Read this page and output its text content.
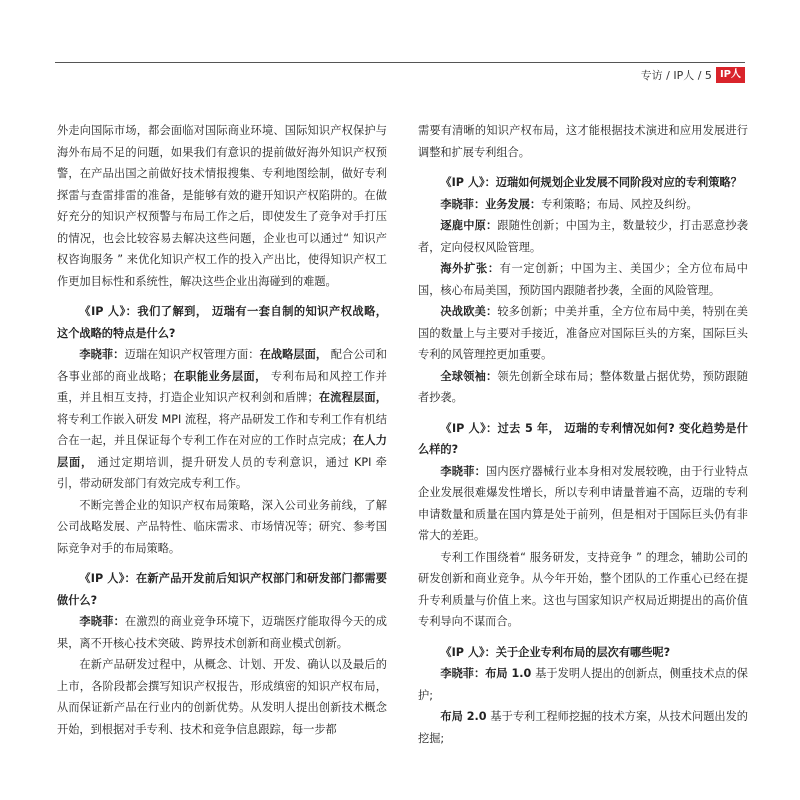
专访 / IP人 / 5 IP人

外走向国际市场，都会面临对国际商业环境、国际知识产权保护与海外布局不足的问题，如果我们有意识的提前做好海外知识产权预警，在产品出国之前做好技术情报搜集、专利地图绘制，做好专利探雷与查雷排雷的准备，是能够有效的避开知识产权陷阱的。在做好充分的知识产权预警与布局工作之后，即使发生了竞争对手打压的情况，也会比较容易去解决这些问题，企业也可以通过“ 知识产权咨询服务 ” 来优化知识产权工作的投入产出比，使得知识产权工作更加目标性和系统性，解决这些企业出海碰到的难题。

《IP 人》：我们了解到， 迈瑞有一套自制的知识产权战略， 这个战略的特点是什么?

李晓菲：迈瑞在知识产权管理方面：在战略层面， 配合公司和各事业部的商业战略；在职能业务层面， 专利布局和风控工作并重，并且相互支持，打造企业知识产权利剑和盾牌；在流程层面， 将专利工作嵌入研发 MPI 流程，将产品研发工作和专利工作有机结合在一起，并且保证每个专利工作在对应的工作时点完成；在人力层面， 通过定期培训，提升研发人员的专利意识，通过 KPI 牵引，带动研发部门有效完成专利工作。

不断完善企业的知识产权布局策略，深入公司业务前线，了解公司战略发展、产品特性、临床需求、市场情况等；研究、参考国际竞争对手的布局策略。

《IP 人》：在新产品开发前后知识产权部门和研发部门都需要做什么?

李晓菲：在激烈的商业竞争环境下，迈瑞医疗能取得今天的成果，离不开核心技术突破、跨界技术创新和商业模式创新。

在新产品研发过程中，从概念、计划、开发、确认以及最后的上市，各阶段都会撰写知识产权报告，形成缜密的知识产权布局，从而保证新产品在行业内的创新优势。从发明人提出创新技术概念开始，到根据对手专利、技术和竞争信息跟踪，每一步都

需要有清晰的知识产权布局，这才能根据技术演进和应用发展进行调整和扩展专利组合。

《IP 人》：迈瑞如何规划企业发展不同阶段对应的专利策略？

李晓菲：业务发展：专利策略；布局、风控及纠纷。

逐鹿中原：跟随性创新；中国为主，数量较少，打击恶意抄袭者，定向侵权风险管理。

海外扩张：有一定创新；中国为主、美国少；全方位布局中国，核心布局美国，预防国内跟随者抄袭，全面的风险管理。

决战欧美：较多创新；中美并重，全方位布局中美，特别在美国的数量上与主要对手接近，准备应对国际巨头的方案，国际巨头专利的风管理控更加重要。

全球领袖：领先创新全球布局；整体数量占据优势，预防跟随者抄袭。

《IP 人》：过去 5 年， 迈瑞的专利情况如何? 变化趋势是什么样的?

李晓菲：国内医疗器械行业本身相对发展较晚，由于行业特点企业发展很难爆发性增长，所以专利申请量普遍不高，迈瑞的专利申请数量和质量在国内算是处于前列，但是相对于国际巨头仍有非常大的差距。

专利工作围绕着“ 服务研发，支持竞争 ” 的理念，辅助公司的研发创新和商业竞争。从今年开始，整个团队的工作重心已经在提升专利质量与价值上来。这也与国家知识产权局近期提出的高价值专利导向不谋而合。

《IP 人》：关于企业专利布局的层次有哪些呢?

李晓菲：布局 1.0 基于发明人提出的创新点，侧重技术点的保护;

布局 2.0 基于专利工程师挖掘的技术方案，从技术问题出发的挖掘;
